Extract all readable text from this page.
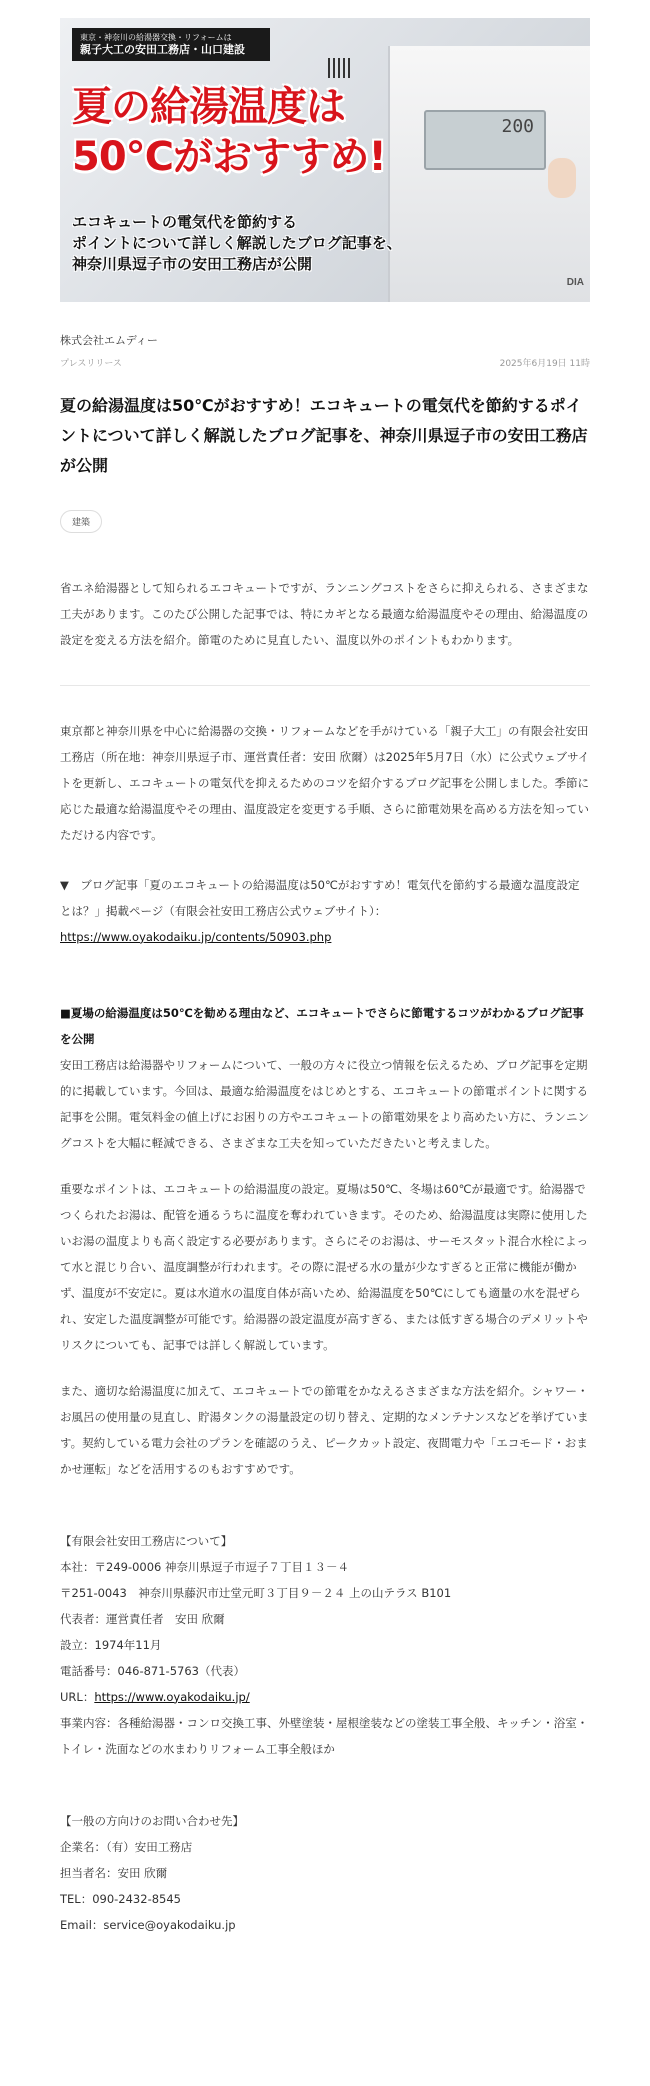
200
DIA
東京・神奈川の給湯器交換・リフォームは
親子大工の安田工務店・山口建設
夏の給湯温度は
50℃がおすすめ!
エコキュートの電気代を節約する
ポイントについて詳しく解説したブログ記事を、
神奈川県逗子市の安田工務店が公開
株式会社エムディー
プレスリリース	2025年6月19日 11時
夏の給湯温度は50℃がおすすめ！エコキュートの電気代を節約するポイントについて詳しく解説したブログ記事を、神奈川県逗子市の安田工務店が公開
建築

省エネ給湯器として知られるエコキュートですが、ランニングコストをさらに抑えられる、さまざまな工夫があります。このたび公開した記事では、特にカギとなる最適な給湯温度やその理由、給湯温度の設定を変える方法を紹介。節電のために見直したい、温度以外のポイントもわかります。

東京都と神奈川県を中心に給湯器の交換・リフォームなどを手がけている「親子大工」の有限会社安田工務店（所在地：神奈川県逗子市、運営責任者：安田 欣爾）は2025年5月7日（水）に公式ウェブサイトを更新し、エコキュートの電気代を抑えるためのコツを紹介するブログ記事を公開しました。季節に応じた最適な給湯温度やその理由、温度設定を変更する手順、さらに節電効果を高める方法を知っていただける内容です。

▼　ブログ記事「夏のエコキュートの給湯温度は50℃がおすすめ！電気代を節約する最適な温度設定とは？」掲載ページ（有限会社安田工務店公式ウェブサイト）：
https://www.oyakodaiku.jp/contents/50903.php

■夏場の給湯温度は50℃を勧める理由など、エコキュートでさらに節電するコツがわかるブログ記事を公開

安田工務店は給湯器やリフォームについて、一般の方々に役立つ情報を伝えるため、ブログ記事を定期的に掲載しています。今回は、最適な給湯温度をはじめとする、エコキュートの節電ポイントに関する記事を公開。電気料金の値上げにお困りの方やエコキュートの節電効果をより高めたい方に、ランニングコストを大幅に軽減できる、さまざまな工夫を知っていただきたいと考えました。

重要なポイントは、エコキュートの給湯温度の設定。夏場は50℃、冬場は60℃が最適です。給湯器でつくられたお湯は、配管を通るうちに温度を奪われていきます。そのため、給湯温度は実際に使用したいお湯の温度よりも高く設定する必要があります。さらにそのお湯は、サーモスタット混合水栓によって水と混じり合い、温度調整が行われます。その際に混ぜる水の量が少なすぎると正常に機能が働かず、温度が不安定に。夏は水道水の温度自体が高いため、給湯温度を50℃にしても適量の水を混ぜられ、安定した温度調整が可能です。給湯器の設定温度が高すぎる、または低すぎる場合のデメリットやリスクについても、記事では詳しく解説しています。

また、適切な給湯温度に加えて、エコキュートでの節電をかなえるさまざまな方法を紹介。シャワー・お風呂の使用量の見直し、貯湯タンクの湯量設定の切り替え、定期的なメンテナンスなどを挙げています。契約している電力会社のプランを確認のうえ、ピークカット設定、夜間電力や「エコモード・おまかせ運転」などを活用するのもおすすめです。

【有限会社安田工務店について】
本社：〒249-0006 神奈川県逗子市逗子７丁目１３－４
〒251-0043　神奈川県藤沢市辻堂元町３丁目９－２４ 上の山テラス B101
代表者：運営責任者　安田 欣爾
設立：1974年11月
電話番号：046-871-5763（代表）
URL：https://www.oyakodaiku.jp/
事業内容：各種給湯器・コンロ交換工事、外壁塗装・屋根塗装などの塗装工事全般、キッチン・浴室・トイレ・洗面などの水まわりリフォーム工事全般ほか
【一般の方向けのお問い合わせ先】
企業名：（有）安田工務店
担当者名：安田 欣爾
TEL：090-2432-8545
Email：service@oyakodaiku.jp
